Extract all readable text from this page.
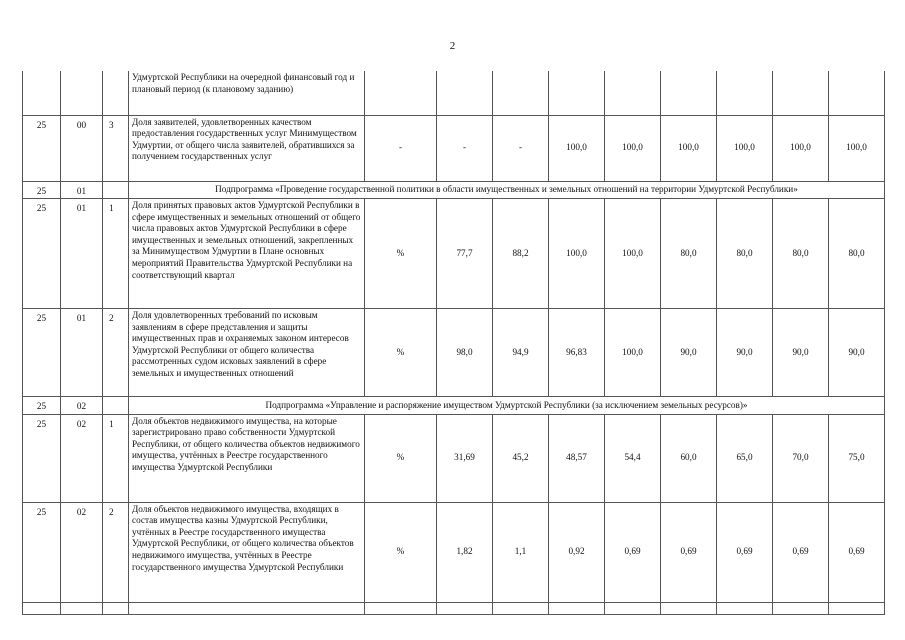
2
			Удмуртской Республики на очередной финансовый год и плановый период (к плановому заданию)										
25	00	3	Доля заявителей, удовлетворенных качеством предоставления государственных услуг Минимуществом Удмуртии, от общего числа заявителей, обратившихся за получением государственных услуг	-	-	-	100,0	100,0	100,0	100,0	100,0	100,0	
25	01		Подпрограмма «Проведение государственной политики в области имущественных и земельных отношений на территории Удмуртской Республики»										
25	01	1	Доля принятых правовых актов Удмуртской Республики в сфере имущественных и земельных отношений от общего числа правовых актов Удмуртской Республики в сфере имущественных и земельных отношений, закрепленных за Минимуществом Удмуртии в Плане основных мероприятий Правительства Удмуртской Республики на соответствующий квартал	%	77,7	88,2	100,0	100,0	80,0	80,0	80,0	80,0	
25	01	2	Доля удовлетворенных требований по исковым заявлениям в сфере представления и защиты имущественных прав и охраняемых законом интересов Удмуртской Республики от общего количества рассмотренных судом исковых заявлений в сфере земельных и имущественных отношений	%	98,0	94,9	96,83	100,0	90,0	90,0	90,0	90,0	
25	02		Подпрограмма «Управление и распоряжение имуществом Удмуртской Республики (за исключением земельных ресурсов)»										
25	02	1	Доля объектов недвижимого имущества, на которые зарегистрировано право собственности Удмуртской Республики, от общего количества объектов недвижимого имущества, учтённых в Реестре государственного имущества Удмуртской Республики	%	31,69	45,2	48,57	54,4	60,0	65,0	70,0	75,0	
25	02	2	Доля объектов недвижимого имущества, входящих в состав имущества казны Удмуртской Республики, учтённых в Реестре государственного имущества Удмуртской Республики, от общего количества объектов недвижимого имущества, учтённых в Реестре государственного имущества Удмуртской Республики	%	1,82	1,1	0,92	0,69	0,69	0,69	0,69	0,69	
